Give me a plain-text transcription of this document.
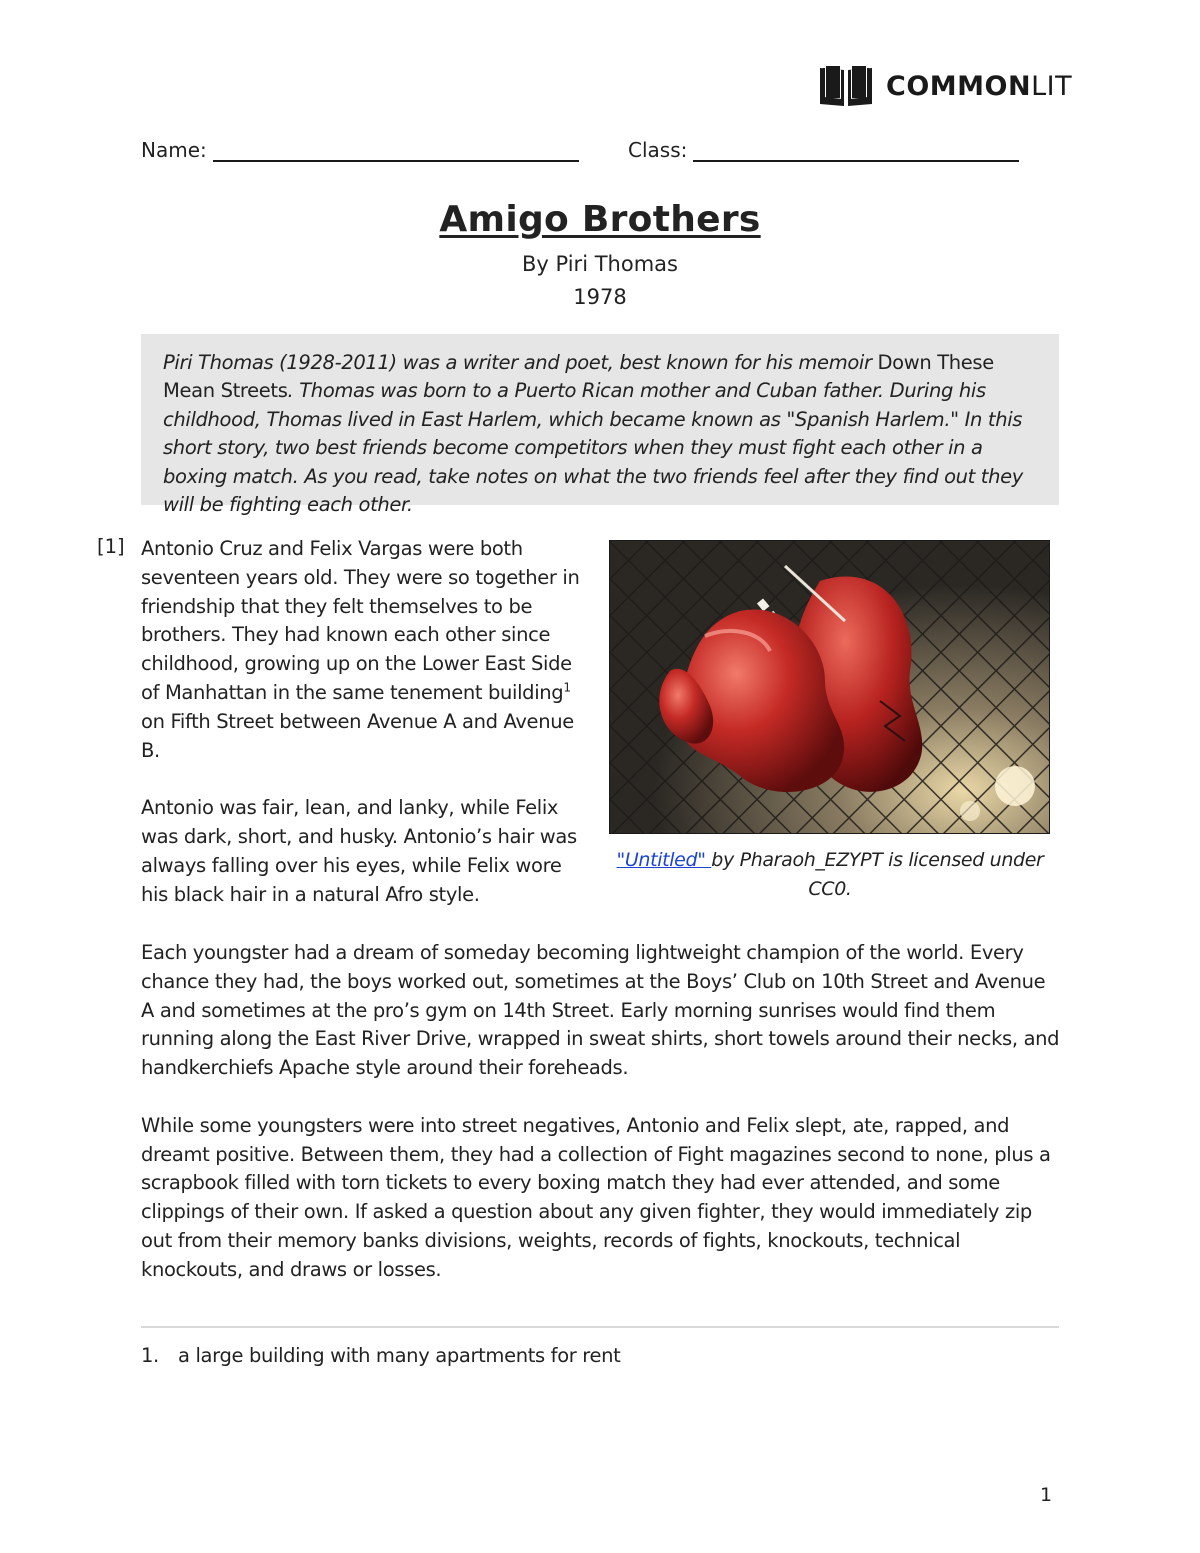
COMMONLIT
Name:	Class:
Amigo Brothers
By Piri Thomas
1978

Piri Thomas (1928-2011) was a writer and poet, best known for his memoir Down These Mean Streets. Thomas was born to a Puerto Rican mother and Cuban father. During his childhood, Thomas lived in East Harlem, which became known as "Spanish Harlem." In this short story, two best friends become competitors when they must fight each other in a boxing match. As you read, take notes on what the two friends feel after they find out they will be fighting each other.

[1] Antonio Cruz and Felix Vargas were both seventeen years old. They were so together in friendship that they felt themselves to be brothers. They had known each other since childhood, growing up on the Lower East Side of Manhattan in the same tenement building$^1$ on Fifth Street between Avenue A and Avenue B.

Antonio was fair, lean, and lanky, while Felix was dark, short, and husky. Antonio’s hair was always falling over his eyes, while Felix wore his black hair in a natural Afro style.

"Untitled" by Pharaoh_EZYPT is licensed under CC0.

Each youngster had a dream of someday becoming lightweight champion of the world. Every chance they had, the boys worked out, sometimes at the Boys’ Club on 10th Street and Avenue A and sometimes at the pro’s gym on 14th Street. Early morning sunrises would find them running along the East River Drive, wrapped in sweat shirts, short towels around their necks, and handkerchiefs Apache style around their foreheads.

While some youngsters were into street negatives, Antonio and Felix slept, ate, rapped, and dreamt positive. Between them, they had a collection of Fight magazines second to none, plus a scrapbook filled with torn tickets to every boxing match they had ever attended, and some clippings of their own. If asked a question about any given fighter, they would immediately zip out from their memory banks divisions, weights, records of fights, knockouts, technical knockouts, and draws or losses.

1. a large building with many apartments for rent
1
